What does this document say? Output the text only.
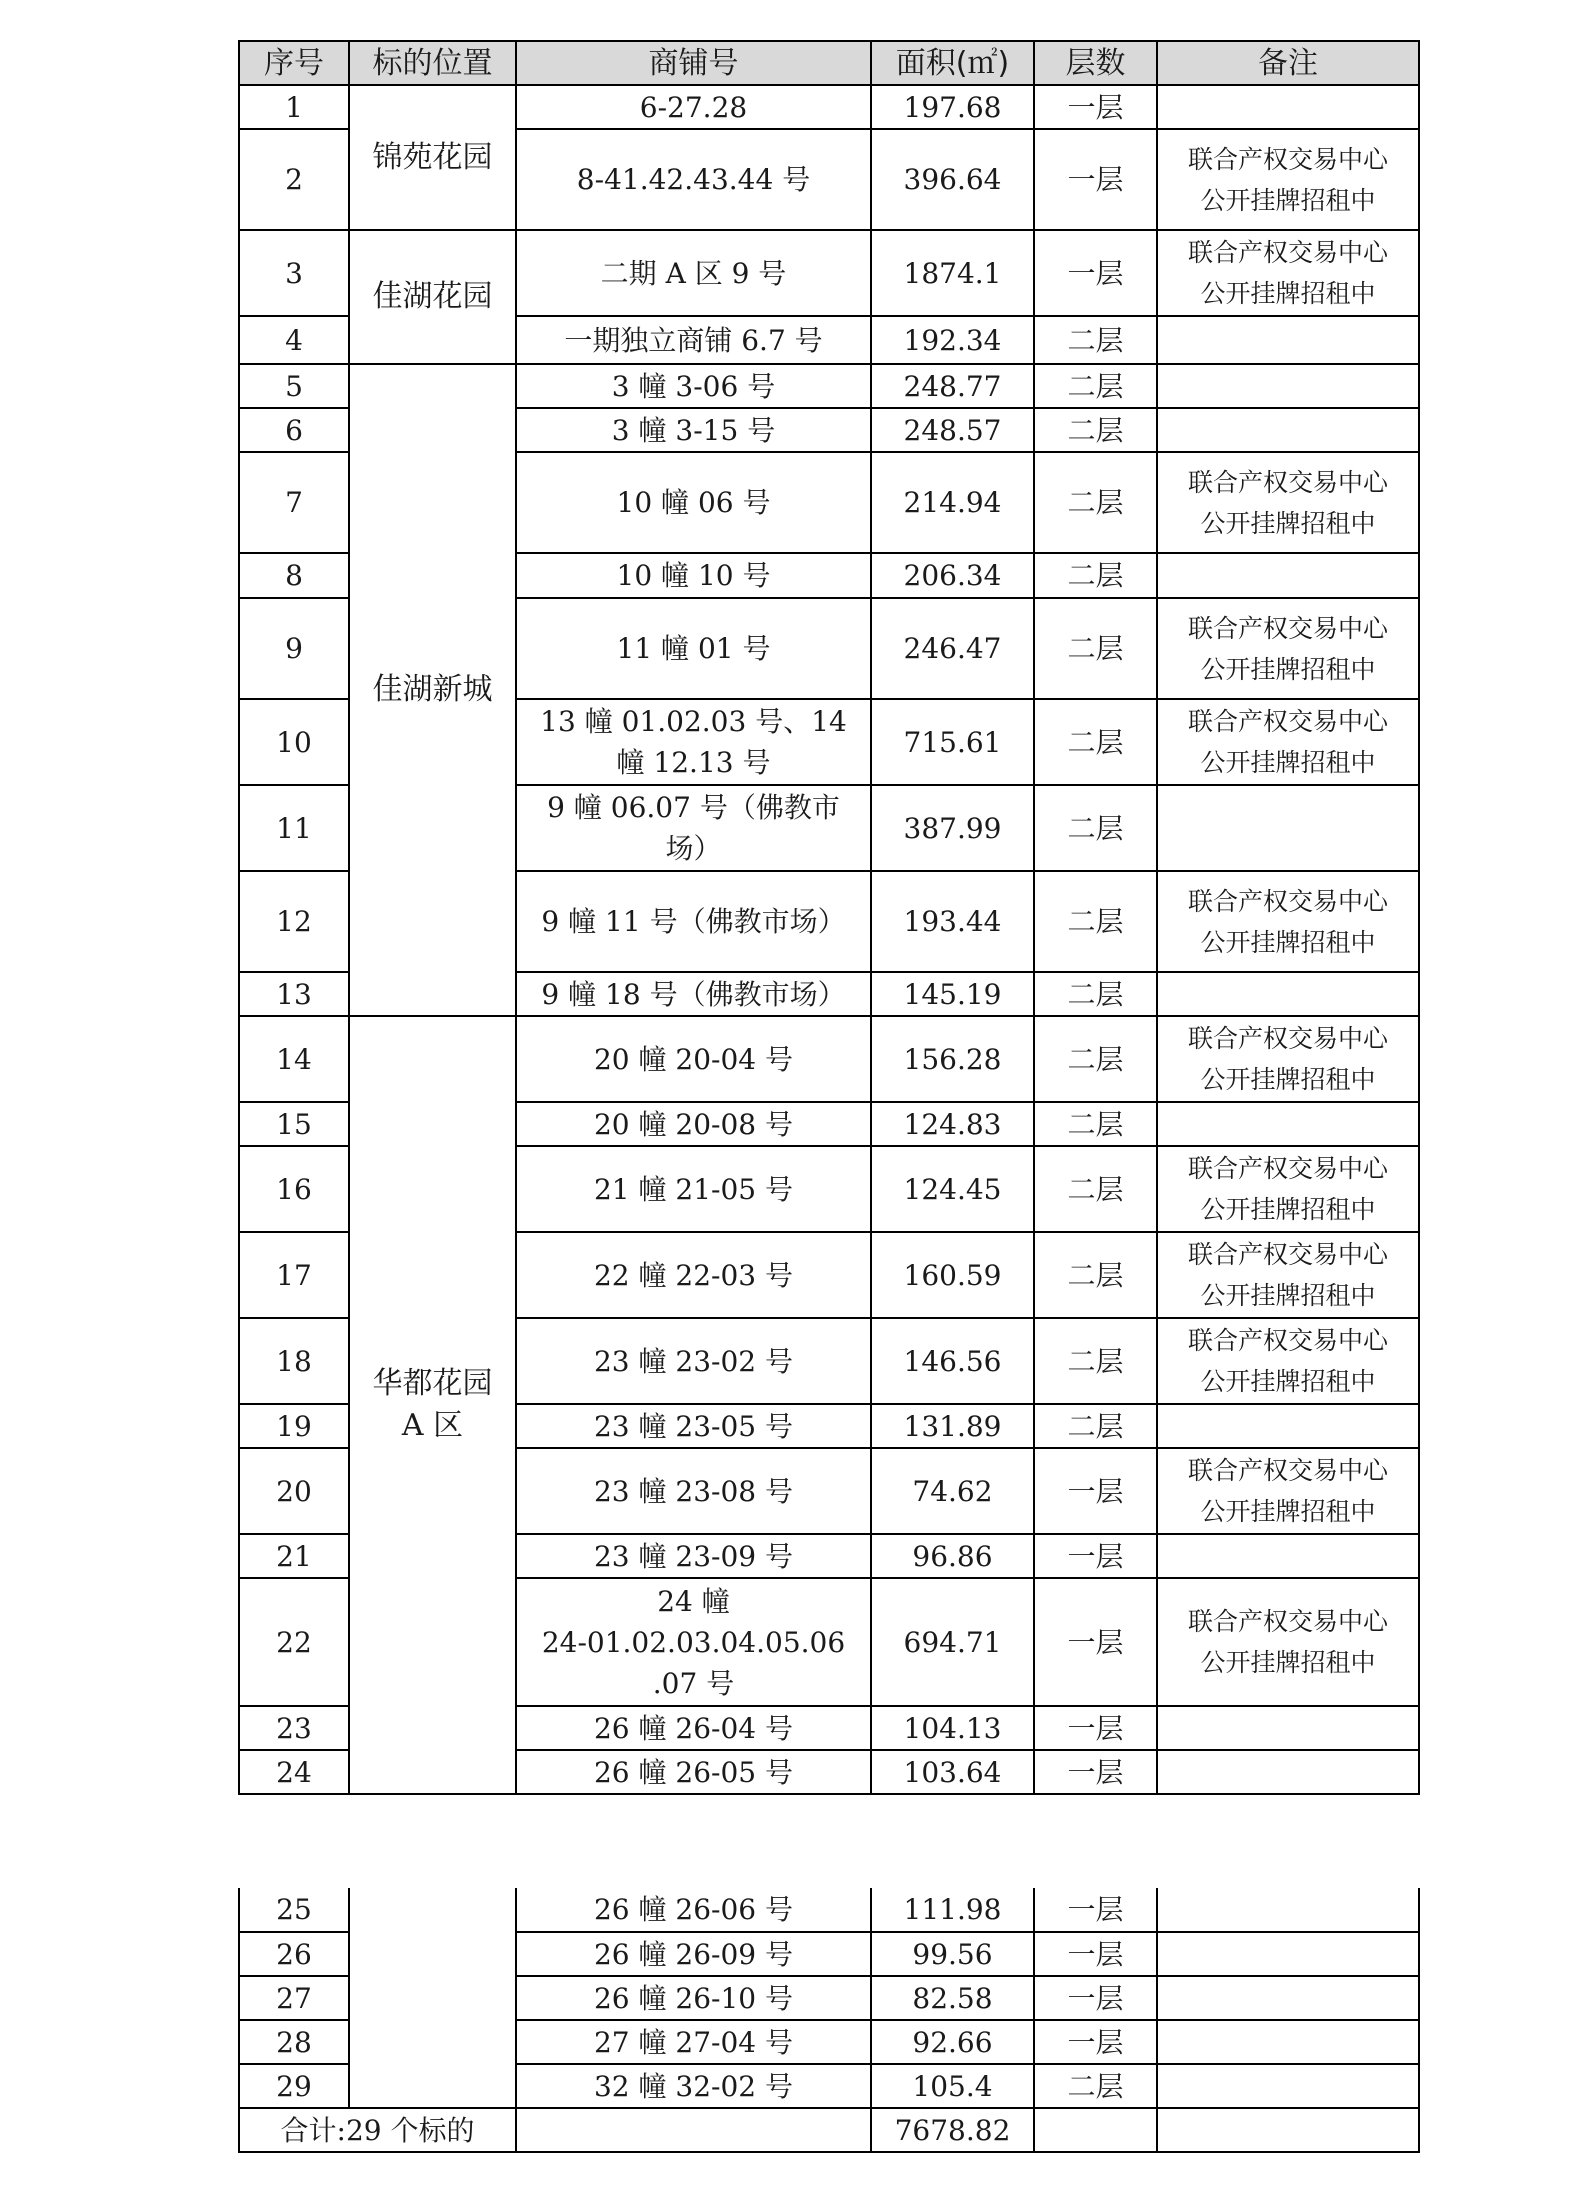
序号	标的位置	商铺号	面积(㎡)	层数	备注
1	锦苑花园	6-27.28	197.68	一层	
2		8-41.42.43.44 号	396.64	一层	联合产权交易中心
公开挂牌招租中
3	佳湖花园	二期 A 区 9 号	1874.1	一层	联合产权交易中心
公开挂牌招租中
4		一期独立商铺 6.7 号	192.34	二层	
5	佳湖新城	3 幢 3-06 号	248.77	二层	
6		3 幢 3-15 号	248.57	二层	
7		10 幢 06 号	214.94	二层	联合产权交易中心
公开挂牌招租中
8		10 幢 10 号	206.34	二层	
9		11 幢 01 号	246.47	二层	联合产权交易中心
公开挂牌招租中
10		13 幢 01.02.03 号、14
幢 12.13 号	715.61	二层	联合产权交易中心
公开挂牌招租中
11		9 幢 06.07 号（佛教市
场）	387.99	二层	
12		9 幢 11 号（佛教市场）	193.44	二层	联合产权交易中心
公开挂牌招租中
13		9 幢 18 号（佛教市场）	145.19	二层	
14	华都花园
A 区	20 幢 20-04 号	156.28	二层	联合产权交易中心
公开挂牌招租中
15		20 幢 20-08 号	124.83	二层	
16		21 幢 21-05 号	124.45	二层	联合产权交易中心
公开挂牌招租中
17		22 幢 22-03 号	160.59	二层	联合产权交易中心
公开挂牌招租中
18		23 幢 23-02 号	146.56	二层	联合产权交易中心
公开挂牌招租中
19		23 幢 23-05 号	131.89	二层	
20		23 幢 23-08 号	74.62	一层	联合产权交易中心
公开挂牌招租中
21		23 幢 23-09 号	96.86	一层	
22		24 幢
24-01.02.03.04.05.06
.07 号	694.71	一层	联合产权交易中心
公开挂牌招租中
23		26 幢 26-04 号	104.13	一层	
24		26 幢 26-05 号	103.64	一层	
25		26 幢 26-06 号	111.98	一层	
26		26 幢 26-09 号	99.56	一层	
27		26 幢 26-10 号	82.58	一层	
28		27 幢 27-04 号	92.66	一层	
29		32 幢 32-02 号	105.4	二层	
合计:29 个标的			7678.82		
